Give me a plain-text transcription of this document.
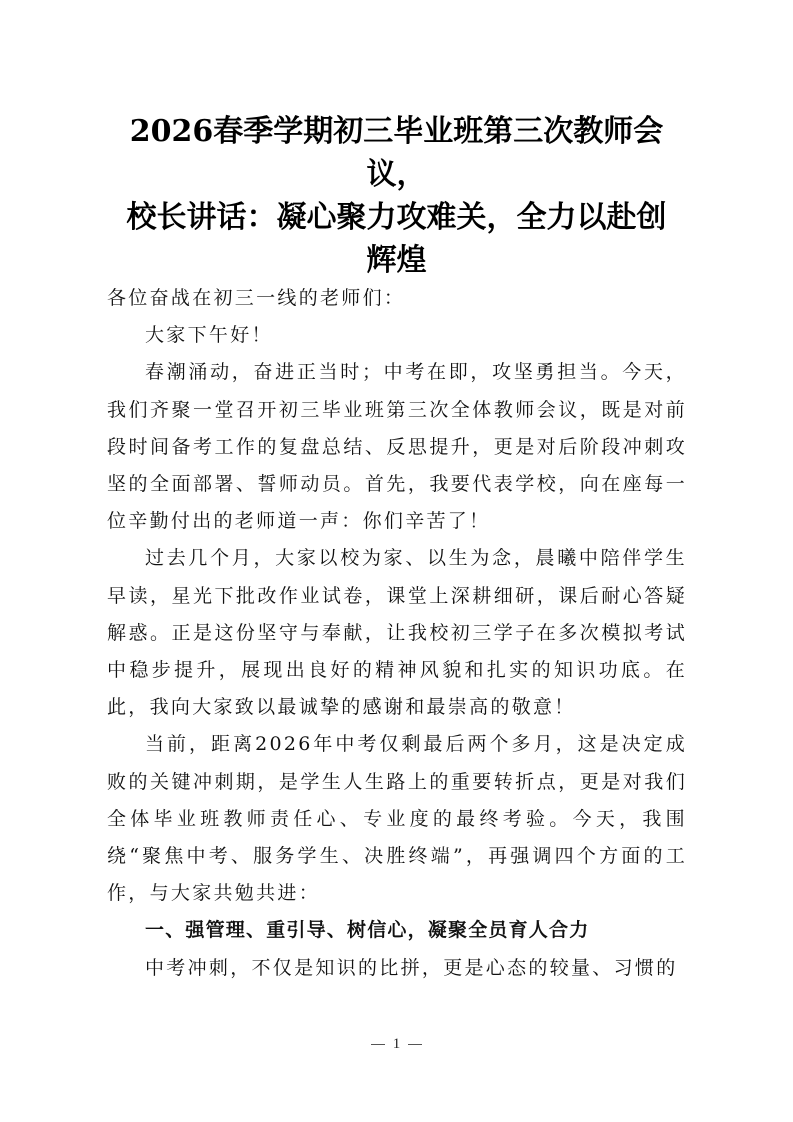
2026春季学期初三毕业班第三次教师会议，
校长讲话：凝心聚力攻难关，全力以赴创
辉煌

各位奋战在初三一线的老师们：

大家下午好！

春潮涌动，奋进正当时；中考在即，攻坚勇担当。今天，我们齐聚一堂召开初三毕业班第三次全体教师会议，既是对前段时间备考工作的复盘总结、反思提升，更是对后阶段冲刺攻坚的全面部署、誓师动员。首先，我要代表学校，向在座每一位辛勤付出的老师道一声：你们辛苦了！

过去几个月，大家以校为家、以生为念，晨曦中陪伴学生早读，星光下批改作业试卷，课堂上深耕细研，课后耐心答疑解惑。正是这份坚守与奉献，让我校初三学子在多次模拟考试中稳步提升，展现出良好的精神风貌和扎实的知识功底。在此，我向大家致以最诚挚的感谢和最崇高的敬意！

当前，距离2026年中考仅剩最后两个多月，这是决定成败的关键冲刺期，是学生人生路上的重要转折点，更是对我们全体毕业班教师责任心、专业度的最终考验。今天，我围绕“聚焦中考、服务学生、决胜终端”，再强调四个方面的工作，与大家共勉共进：

一、强管理、重引导、树信心，凝聚全员育人合力

中考冲刺，不仅是知识的比拼，更是心态的较量、习惯的

1
